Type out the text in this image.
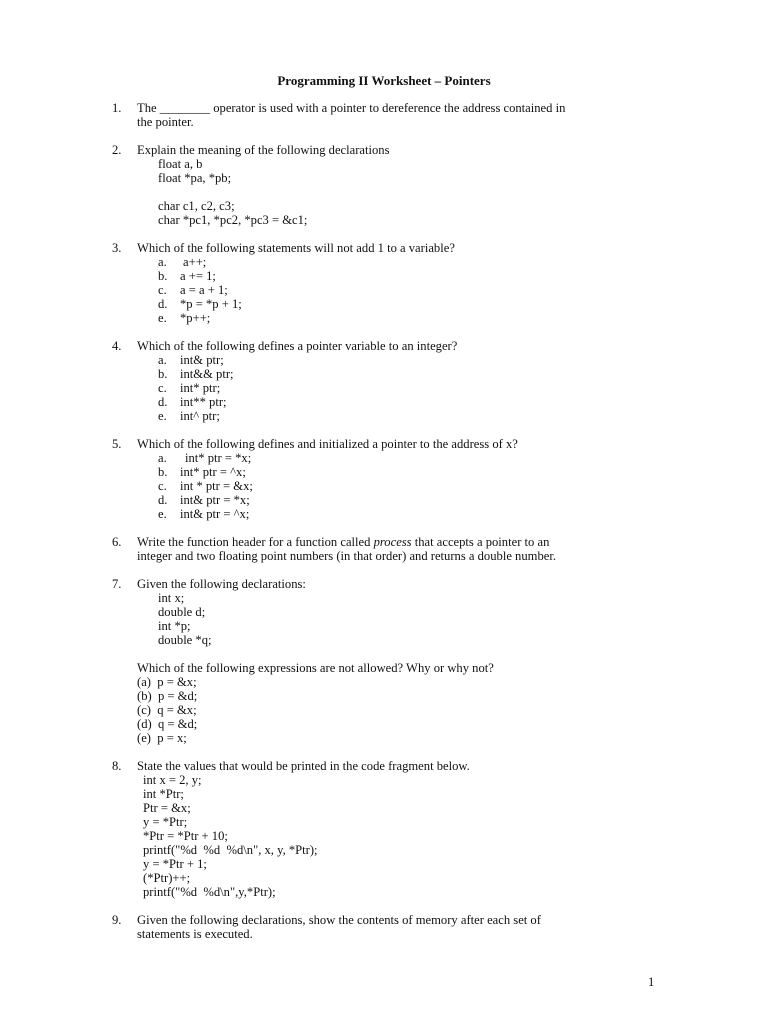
Programming II Worksheet – Pointers
1. The ________ operator is used with a pointer to dereference the address contained in
the pointer.
2. Explain the meaning of the following declarations
float a, b
float *pa, *pb;
char c1, c2, c3;
char *pc1, *pc2, *pc3 = &c1;
3. Which of the following statements will not add 1 to a variable?
a. a++;
b. a += 1;
c. a = a + 1;
d. *p = *p + 1;
e. *p++;
4. Which of the following defines a pointer variable to an integer?
a. int& ptr;
b. int&& ptr;
c. int* ptr;
d. int** ptr;
e. int^ ptr;
5. Which of the following defines and initialized a pointer to the address of x?
a. int* ptr = *x;
b. int* ptr = ^x;
c. int * ptr = &x;
d. int& ptr = *x;
e. int& ptr = ^x;
6. Write the function header for a function called process that accepts a pointer to an
integer and two floating point numbers (in that order) and returns a double number.
7. Given the following declarations:
int x;
double d;
int *p;
double *q;
Which of the following expressions are not allowed? Why or why not?
(a)  p = &x;
(b)  p = &d;
(c)  q = &x;
(d)  q = &d;
(e)  p = x;
8. State the values that would be printed in the code fragment below.
int x = 2, y;
int *Ptr;
Ptr = &x;
y = *Ptr;
*Ptr = *Ptr + 10;
printf("%d  %d  %d\n", x, y, *Ptr);
y = *Ptr + 1;
(*Ptr)++;
printf("%d  %d\n",y,*Ptr);
9. Given the following declarations, show the contents of memory after each set of
statements is executed.
1
